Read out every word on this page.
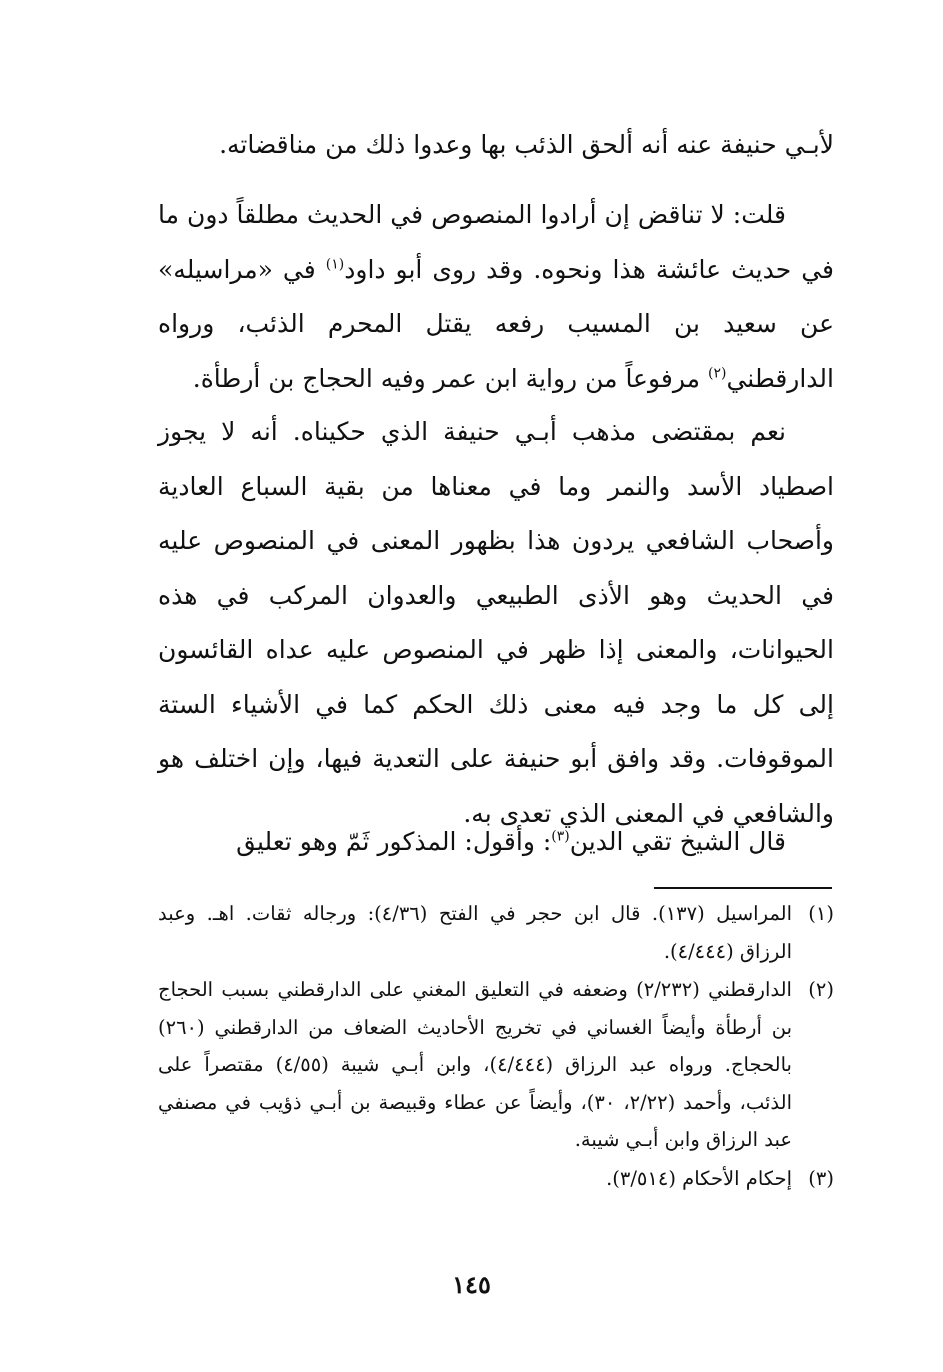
لأبـي حنيفة عنه أنه ألحق الذئب بها وعدوا ذلك من مناقضاته.

قلت: لا تناقض إن أرادوا المنصوص في الحديث مطلقاً دون ما في حديث عائشة هذا ونحوه. وقد روى أبو داود$^{(١)}$ في «مراسيله» عن سعيد بن المسيب رفعه يقتل المحرم الذئب، ورواه الدارقطني$^{(٢)}$ مرفوعاً من رواية ابن عمر وفيه الحجاج بن أرطأة.

نعم بمقتضى مذهب أبـي حنيفة الذي حكيناه. أنه لا يجوز اصطياد الأسد والنمر وما في معناها من بقية السباع العادية وأصحاب الشافعي يردون هذا بظهور المعنى في المنصوص عليه في الحديث وهو الأذى الطبيعي والعدوان المركب في هذه الحيوانات، والمعنى إذا ظهر في المنصوص عليه عداه القائسون إلى كل ما وجد فيه معنى ذلك الحكم كما في الأشياء الستة الموقوفات. وقد وافق أبو حنيفة على التعدية فيها، وإن اختلف هو والشافعي في المعنى الذي تعدى به.

قال الشيخ تقي الدين$^{(٣)}$: وأقول: المذكور ثَمّ وهو تعليق

(١)
المراسيل (١٣٧). قال ابن حجر في الفتح (٤/٣٦): ورجاله ثقات. اهـ. وعبد الرزاق (٤/٤٤٤).
(٢)
الدارقطني (٢/٢٣٢) وضعفه في التعليق المغني على الدارقطني بسبب الحجاج بن أرطأة وأيضاً الغساني في تخريج الأحاديث الضعاف من الدارقطني (٢٦٠) بالحجاج. ورواه عبد الرزاق (٤/٤٤٤)، وابن أبـي شيبة (٤/٥٥) مقتصراً على الذئب، وأحمد (٢/٢٢، ٣٠)، وأيضاً عن عطاء وقبيصة بن أبـي ذؤيب في مصنفي عبد الرزاق وابن أبـي شيبة.
(٣)
إحكام الأحكام (٣/٥١٤).
١٤٥
